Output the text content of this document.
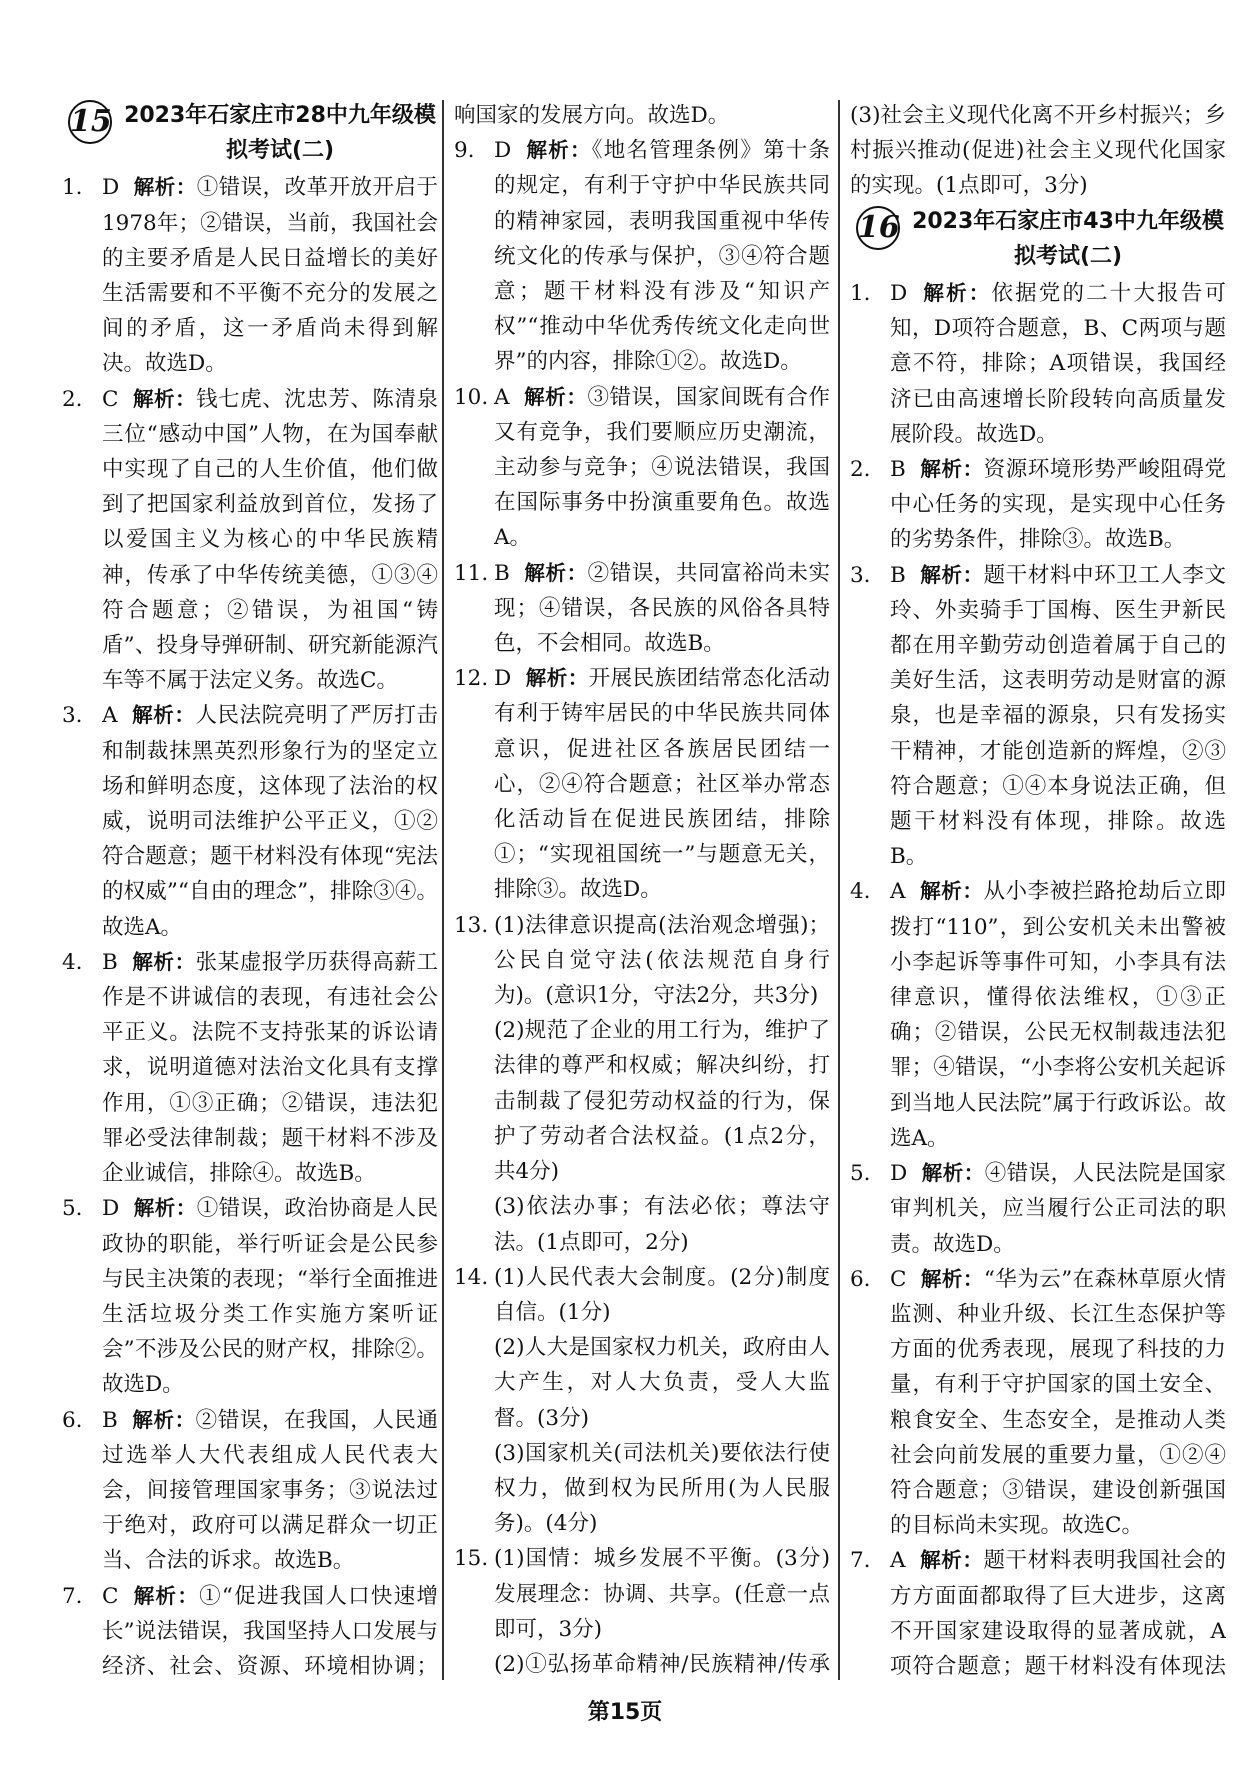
15 2023年石家庄市28中九年级模拟考试(二)
1. D 解析：①错误，改革开放开启于1978年；②错误，当前，我国社会的主要矛盾是人民日益增长的美好生活需要和不平衡不充分的发展之间的矛盾，这一矛盾尚未得到解决。故选D。
2. C 解析：钱七虎、沈忠芳、陈清泉三位“感动中国”人物，在为国奉献中实现了自己的人生价值，他们做到了把国家利益放到首位，发扬了以爱国主义为核心的中华民族精神，传承了中华传统美德，①③④符合题意；②错误，为祖国“铸盾”、投身导弹研制、研究新能源汽车等不属于法定义务。故选C。
3. A 解析：人民法院亮明了严厉打击和制裁抹黑英烈形象行为的坚定立场和鲜明态度，这体现了法治的权威，说明司法维护公平正义，①②符合题意；题干材料没有体现“宪法的权威”“自由的理念”，排除③④。故选A。
4. B 解析：张某虚报学历获得高薪工作是不讲诚信的表现，有违社会公平正义。法院不支持张某的诉讼请求，说明道德对法治文化具有支撑作用，①③正确；②错误，违法犯罪必受法律制裁；题干材料不涉及企业诚信，排除④。故选B。
5. D 解析：①错误，政治协商是人民政协的职能，举行听证会是公民参与民主决策的表现；“举行全面推进生活垃圾分类工作实施方案听证会”不涉及公民的财产权，排除②。故选D。
6. B 解析：②错误，在我国，人民通过选举人大代表组成人民代表大会，间接管理国家事务；③说法过于绝对，政府可以满足群众一切正当、合法的诉求。故选B。
7. C 解析：①“促进我国人口快速增长”说法错误，我国坚持人口发展与经济、社会、资源、环境相协调；
响国家的发展方向。故选D。
9. D 解析：《地名管理条例》第十条的规定，有利于守护中华民族共同的精神家园，表明我国重视中华传统文化的传承与保护，③④符合题意；题干材料没有涉及“知识产权”“推动中华优秀传统文化走向世界”的内容，排除①②。故选D。
10. A 解析：③错误，国家间既有合作又有竞争，我们要顺应历史潮流，主动参与竞争；④说法错误，我国在国际事务中扮演重要角色。故选A。
11. B 解析：②错误，共同富裕尚未实现；④错误，各民族的风俗各具特色，不会相同。故选B。
12. D 解析：开展民族团结常态化活动有利于铸牢居民的中华民族共同体意识，促进社区各族居民团结一心，②④符合题意；社区举办常态化活动旨在促进民族团结，排除①；“实现祖国统一”与题意无关，排除③。故选D。
13. (1)法律意识提高(法治观念增强)；公民自觉守法(依法规范自身行为)。(意识1分，守法2分，共3分)
(2)规范了企业的用工行为，维护了法律的尊严和权威；解决纠纷，打击制裁了侵犯劳动权益的行为，保护了劳动者合法权益。(1点2分，共4分)
(3)依法办事；有法必依；尊法守法。(1点即可，2分)
14. (1)人民代表大会制度。(2分)制度自信。(1分)
(2)人大是国家权力机关，政府由人大产生，对人大负责，受人大监督。(3分)
(3)国家机关(司法机关)要依法行使权力，做到权为民所用(为人民服务)。(4分)
15. (1)国情：城乡发展不平衡。(3分)发展理念：协调、共享。(任意一点即可，3分)
(2)①弘扬革命精神/民族精神/传承
(3)社会主义现代化离不开乡村振兴；乡村振兴推动(促进)社会主义现代化国家的实现。(1点即可，3分)
16 2023年石家庄市43中九年级模拟考试(二)
1. D 解析：依据党的二十大报告可知，D项符合题意，B、C两项与题意不符，排除；A项错误，我国经济已由高速增长阶段转向高质量发展阶段。故选D。
2. B 解析：资源环境形势严峻阻碍党中心任务的实现，是实现中心任务的劣势条件，排除③。故选B。
3. B 解析：题干材料中环卫工人李文玲、外卖骑手丁国梅、医生尹新民都在用辛勤劳动创造着属于自己的美好生活，这表明劳动是财富的源泉，也是幸福的源泉，只有发扬实干精神，才能创造新的辉煌，②③符合题意；①④本身说法正确，但题干材料没有体现，排除。故选B。
4. A 解析：从小李被拦路抢劫后立即拨打“110”，到公安机关未出警被小李起诉等事件可知，小李具有法律意识，懂得依法维权，①③正确；②错误，公民无权制裁违法犯罪；④错误，“小李将公安机关起诉到当地人民法院”属于行政诉讼。故选A。
5. D 解析：④错误，人民法院是国家审判机关，应当履行公正司法的职责。故选D。
6. C 解析：“华为云”在森林草原火情监测、种业升级、长江生态保护等方面的优秀表现，展现了科技的力量，有利于守护国家的国土安全、粮食安全、生态安全，是推动人类社会向前发展的重要力量，①②④符合题意；③错误，建设创新强国的目标尚未实现。故选C。
7. A 解析：题干材料表明我国社会的方方面面都取得了巨大进步，这离不开国家建设取得的显著成就，A项符合题意；题干材料没有体现法
第15页
